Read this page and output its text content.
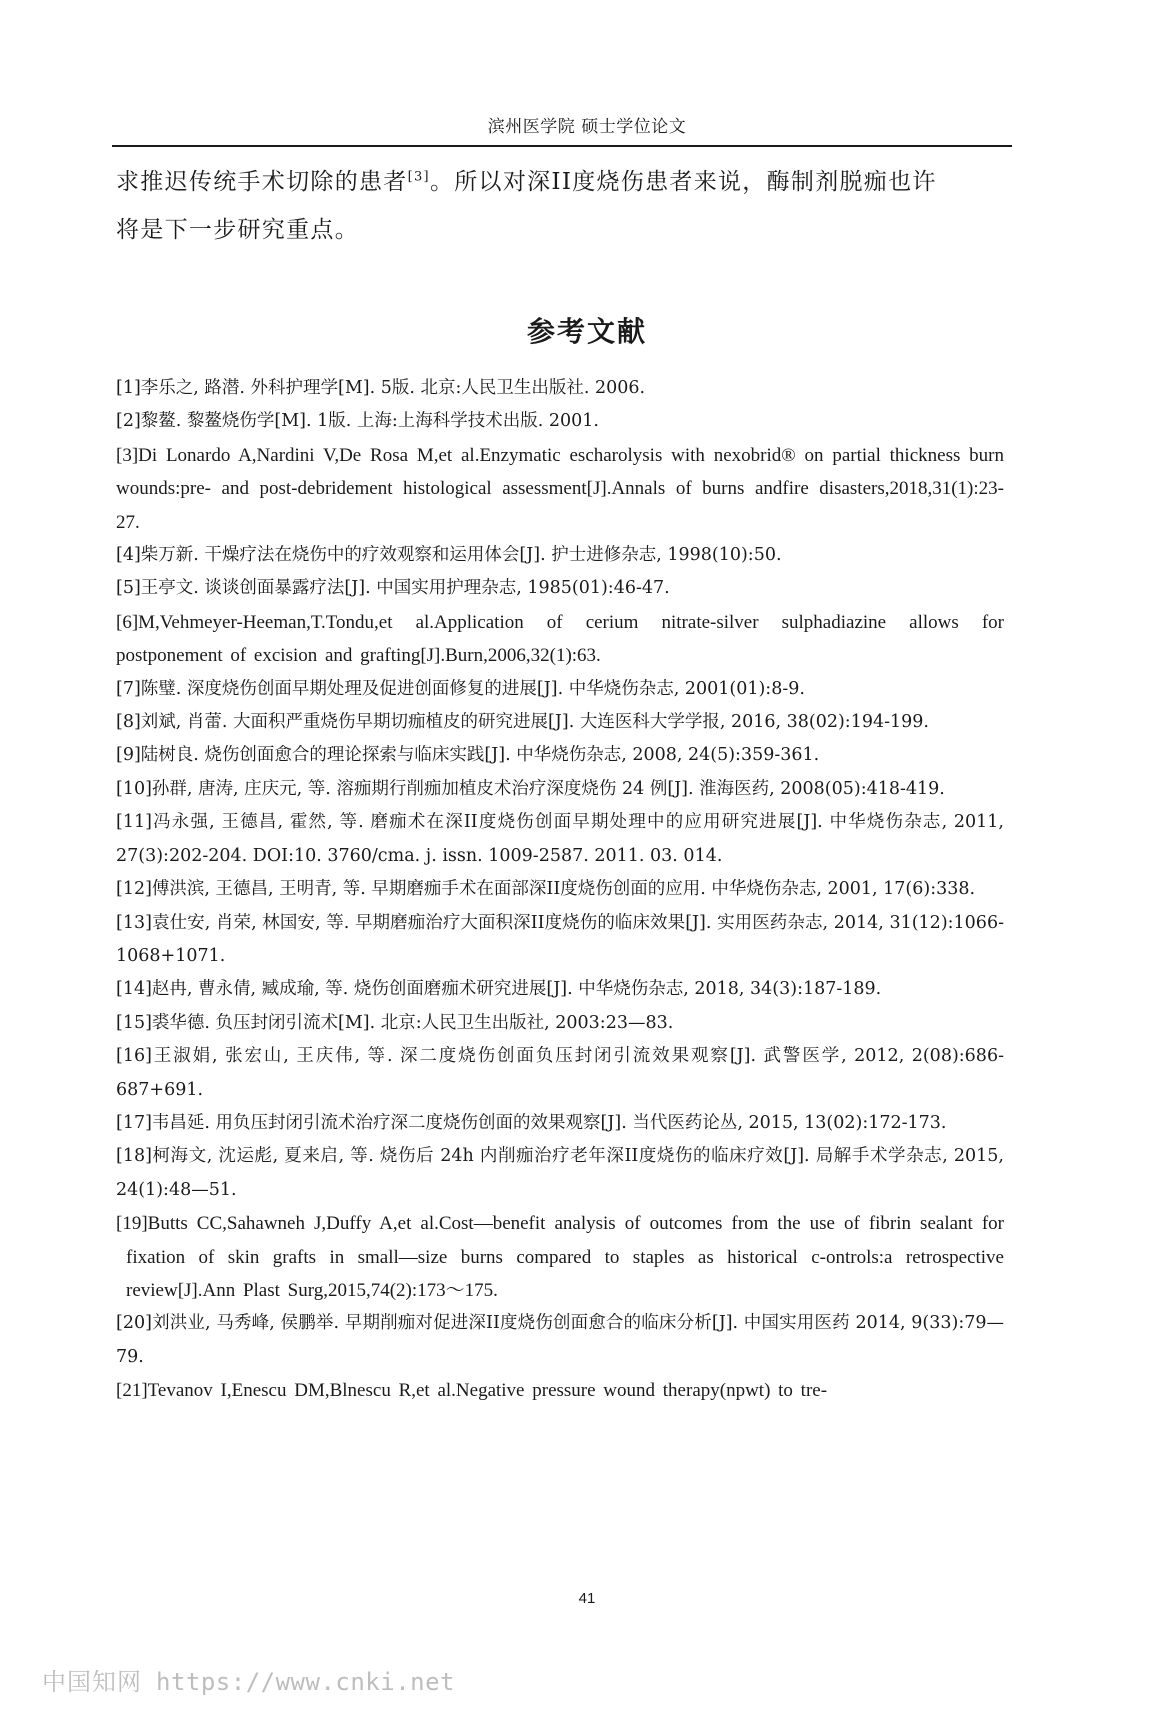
滨州医学院 硕士学位论文
求推迟传统手术切除的患者[3]。所以对深II度烧伤患者来说，酶制剂脱痂也许
将是下一步研究重点。
参考文献

[1]李乐之, 路潜. 外科护理学[M]. 5版. 北京:人民卫生出版社. 2006.

[2]黎鳌. 黎鳌烧伤学[M]. 1版. 上海:上海科学技术出版. 2001.

[3]Di Lonardo A,Nardini V,De Rosa M,et al.Enzymatic escharolysis with nexobrid® on partial thickness burn wounds:pre- and post-debridement histological assessment[J].Annals of burns andfire disasters,2018,31(1):23-27.

[4]柴万新. 干燥疗法在烧伤中的疗效观察和运用体会[J]. 护士进修杂志, 1998(10):50.

[5]王亭文. 谈谈创面暴露疗法[J]. 中国实用护理杂志, 1985(01):46-47.

[6]M,Vehmeyer-Heeman,T.Tondu,et al.Application of cerium nitrate-silver sulphadiazine allows for postponement of excision and grafting[J].Burn,2006,32(1):63.

[7]陈璧. 深度烧伤创面早期处理及促进创面修复的进展[J]. 中华烧伤杂志, 2001(01):8-9.

[8]刘斌, 肖蕾. 大面积严重烧伤早期切痂植皮的研究进展[J]. 大连医科大学学报, 2016, 38(02):194-199.

[9]陆树良. 烧伤创面愈合的理论探索与临床实践[J]. 中华烧伤杂志, 2008, 24(5):359-361.

[10]孙群, 唐涛, 庄庆元, 等. 溶痂期行削痂加植皮术治疗深度烧伤 24 例[J]. 淮海医药, 2008(05):418-419.

[11]冯永强, 王德昌, 霍然, 等. 磨痂术在深II度烧伤创面早期处理中的应用研究进展[J]. 中华烧伤杂志, 2011, 27(3):202-204. DOI:10. 3760/cma. j. issn. 1009-2587. 2011. 03. 014.

[12]傅洪滨, 王德昌, 王明青, 等. 早期磨痂手术在面部深II度烧伤创面的应用. 中华烧伤杂志, 2001, 17(6):338.

[13]袁仕安, 肖荣, 林国安, 等. 早期磨痂治疗大面积深II度烧伤的临床效果[J]. 实用医药杂志, 2014, 31(12):1066-1068+1071.

[14]赵冉, 曹永倩, 臧成瑜, 等. 烧伤创面磨痂术研究进展[J]. 中华烧伤杂志, 2018, 34(3):187-189.

[15]裘华德. 负压封闭引流术[M]. 北京:人民卫生出版社, 2003:23—83.

[16]王淑娟, 张宏山, 王庆伟, 等. 深二度烧伤创面负压封闭引流效果观察[J]. 武警医学, 2012, 2(08):686-687+691.

[17]韦昌延. 用负压封闭引流术治疗深二度烧伤创面的效果观察[J]. 当代医药论丛, 2015, 13(02):172-173.

[18]柯海文, 沈运彪, 夏来启, 等. 烧伤后 24h 内削痂治疗老年深II度烧伤的临床疗效[J]. 局解手术学杂志, 2015, 24(1):48—51.

[19]Butts CC,Sahawneh J,Duffy A,et al.Cost—benefit analysis of outcomes from the use of fibrin sealant for fixation of skin grafts in small—size burns compared to staples as historical c-ontrols:a retrospective review[J].Ann Plast Surg,2015,74(2):173～175.

[20]刘洪业, 马秀峰, 侯鹏举. 早期削痂对促进深II度烧伤创面愈合的临床分析[J]. 中国实用医药 2014, 9(33):79—79.

[21]Tevanov I,Enescu DM,Blnescu R,et al.Negative pressure wound therapy(npwt) to tre-

41
中国知网 https://www.cnki.net
